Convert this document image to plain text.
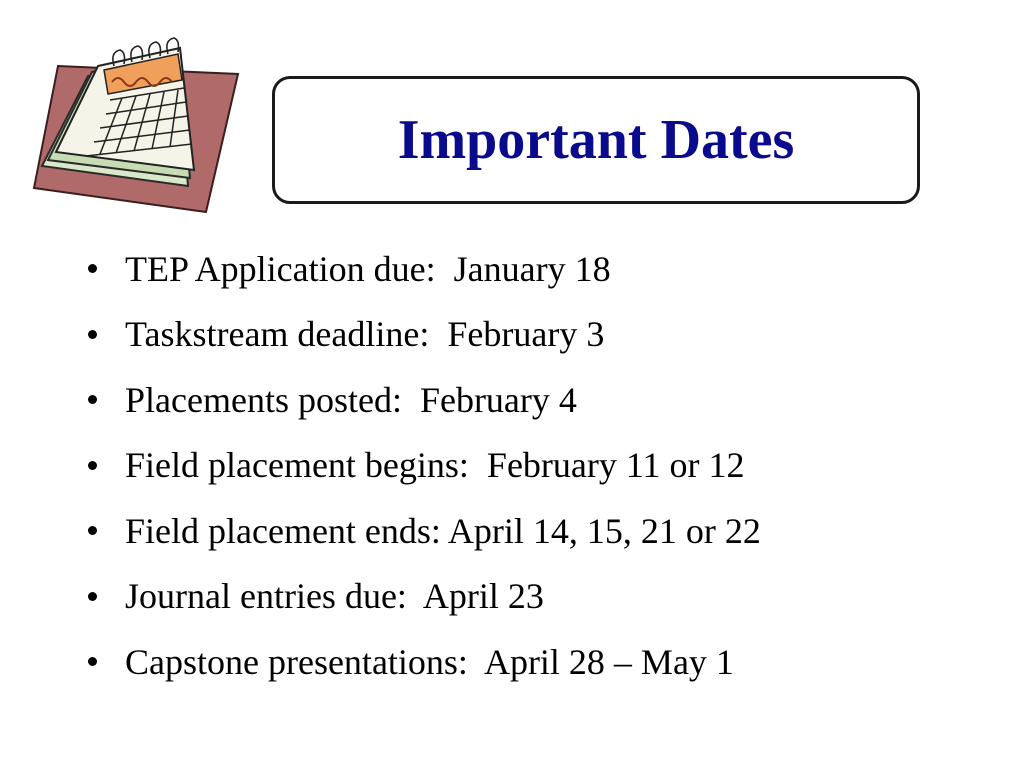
Important Dates
TEP Application due:  January 18
Taskstream deadline:  February 3
Placements posted:  February 4
Field placement begins:  February 11 or 12
Field placement ends: April 14, 15, 21 or 22
Journal entries due:  April 23
Capstone presentations:  April 28 – May 1
